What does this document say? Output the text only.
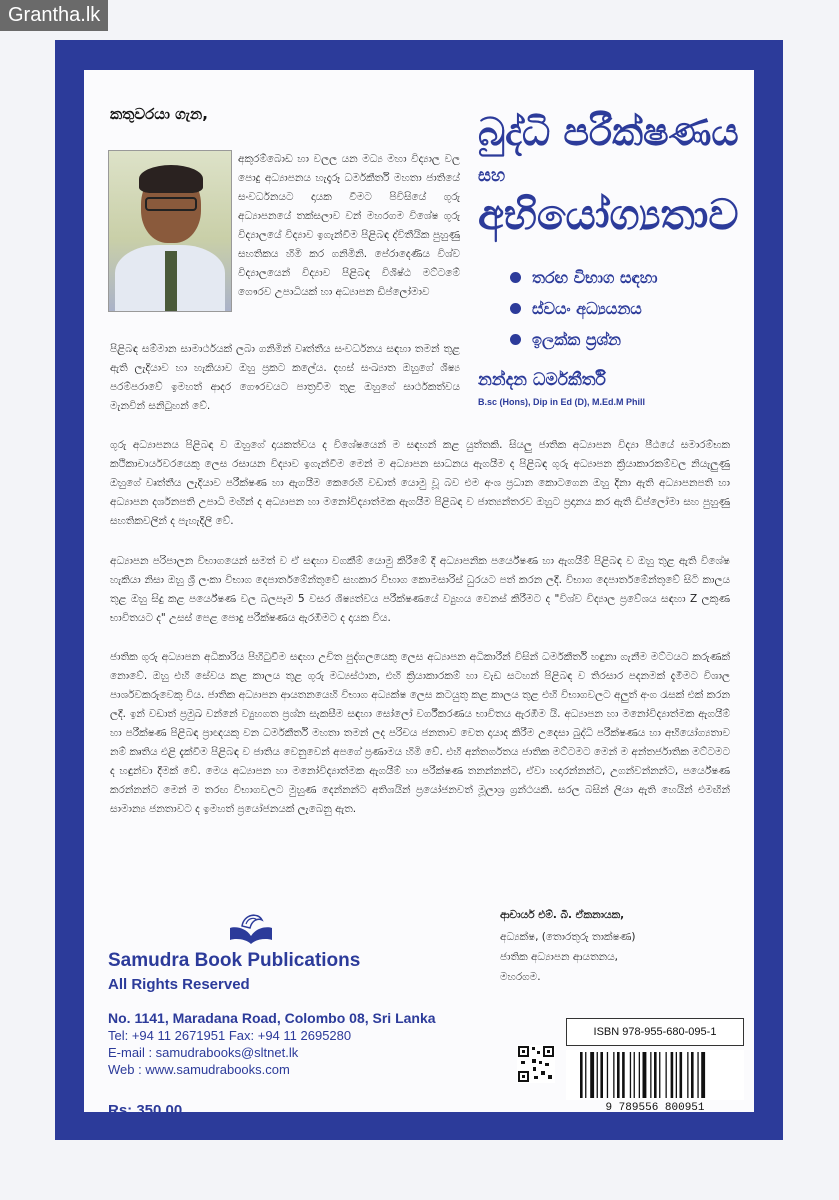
Grantha.lk
කතුවරයා ගැන,
අකුරම්බොඩ හා වලල යන මධ්‍ය මහා විද්‍යාල වල පොදු අධ්‍යාපනය හැදෑරූ ධර්මකීර්ති මහතා ජාතියේ සංවර්ධනයට දායක වීමට පිවිසියේ ගුරු අධ්‍යාපනයේ තක්සලාව වන් මහරගම විශේෂ ගුරු විද්‍යාලයේ විද්‍යාව ඉගැන්වීම පිළිබඳ ද්විතීයික පුහුණු සහතිකය හිමි කර ගනිමිනි. පේරාදෙණිය විශ්ව විද්‍යාලයෙන් විද්‍යාව පිළිබඳ විශිෂ්ඨ මට්ටමේ ගෞරව උපාධියක් හා අධ්‍යාපන ඩිප්ලෝමාව
පිළිබඳ සම්මාන සාමාර්ථයක් ලබා ගනිමින් වෘත්තීය සංවර්ධනය සඳහා තමන් තුළ ඇති ලැදියාව හා හැකියාව ඔහු ප්‍රකට කලේය. දහස් සංඛ්‍යාත ඔහුගේ ශිෂ්‍ය පරම්පරාවේ ඉමහත් ආදර ගෞරවයට පාත්‍රවීම තුළ ඔහුගේ සාර්ථකත්වය මැනවින් සනිටුහන් වේ.
බුද්ධි පරීක්ෂණය
සහ
අභියෝග්‍යතාව
තරඟ විභාග සඳහා
ස්වයං අධ්‍යයනය
ඉලක්ක ප්‍රශ්න
නන්දන ධර්මකීර්ති
B.sc (Hons), Dip in Ed (D), M.Ed.M Phill
ගුරු අධ්‍යාපනය පිළිබඳ ව ඔහුගේ දායකත්වය ද විශේෂයෙන් ම සඳහන් කළ යුත්තකි. සියලු ජාතික අධ්‍යාපන විද්‍යා පීඨයේ සමාරම්භක කථිකාචාර්යවරයෙකු ලෙස රසායන විද්‍යාව ඉගැන්වීම මෙන් ම අධ්‍යාපන සාධනය ඇගයීම ද පිළිබඳ ගුරු අධ්‍යාපන ක්‍රියාකාරකම්වල නියැලුණු ඔහුගේ වෘත්තීය ලැදියාව පරීක්ෂණ හා ඇගයීම කෙරෙහි වඩාත් යොමු වූ බව එම අංශ ප්‍රධාන කොටගෙන ඔහු දිනා ඇති අධ්‍යාපනපති හා අධ්‍යාපන දර්ශනපති උපාධි මඟින් ද අධ්‍යාපන හා මනෝවිද්‍යාත්මක ඇගයීම පිළිබඳ ව ජාත්‍යන්තරව ඔහුට ප්‍රදානය කර ඇති ඩිප්ලෝමා සහ පුහුණු සහතිකවලින් ද පැහැදිලි වේ.
අධ්‍යාපන පරිපාලන විභාගයෙන් සමත් ව ඒ සඳහා වගකීම් යොමු කිරීමේ දී අධ්‍යාපනික පර්යේෂණ හා ඇගයීම් පිළිබඳ ව ඔහු තුළ ඇති විශේෂ හැකියා නිසා ඔහු ශ්‍රී ලංකා විභාග දෙපාර්තමේන්තුවේ සහකාර විභාග කොමසාරිස් ධුරයට පත් කරන ලදී. විභාග දෙපාර්තමේන්තුවේ සිටි කාලය තුළ ඔහු සිදු කළ පර්යේෂණ වල බලපෑම 5 වසර ශිෂ්‍යත්වය පරීක්ෂණයේ ව්‍යුහය වෙනස් කිරීමට ද "විශ්ව විද්‍යාල ප්‍රවේශය සඳහා Z ලකුණ භාවිතයට ද" උසස් පෙළ පොදු පරීක්ෂණය ඇරඹීමට ද දායක විය.
ජාතික ගුරු අධ්‍යාපන අධිකාරිය පිහිටුවීම සඳහා උචිත පුද්ගලයෙකු ලෙස අධ්‍යාපන අධිකාරීන් විසින් ධර්මකීර්ති හඳුනා ගැනීම මට්ටයට කරුණක් නොවේ. ඔහු එහි සේවය කළ කාලය තුළ ගුරු මධ්‍යස්ථාන, එහි ක්‍රියාකාරකම් හා වැඩ සටහන් පිළිබඳ ව තිරසාර පදනමක් දැමීමට විශාල පාර්ශවකරුවෙකු විය. ජාතික අධ්‍යාපන ආයතනයෙහි විභාග අධ්‍යක්ෂ ලෙස කටයුතු කළ කාලය තුළ එහි විභාගවලට අලුත් අංග රැසක් එක් කරන ලදී. ඉන් වඩාත් ප්‍රමුඛ වන්නේ ව්‍යුහගත ප්‍රශ්න සැකසීම සඳහා සෝලෝ වර්ගීකරණය භාවිතය ඇරඹීම යි. අධ්‍යාපන හා මනෝවිද්‍යාත්මක ඇගයීම් හා පරීක්ෂණ පිළිබඳ ප්‍රාඥයකු වන ධර්මකීර්ති මහතා තමන් ලද පරිචය ජනතාව වෙත දායාද කිරීම උදෙසා බුද්ධි පරීක්ෂණය හා අභියෝග්‍යතාව නම් කෘතිය එළි දැක්වීම පිළිබඳ ව ජාතිය වෙනුවෙන් අපගේ ප්‍රණාමය හිමි වේ. එහි අන්තර්ගතය ජාතික මට්ටමට මෙන් ම අන්තර්ජාතික මට්ටමට ද හඳුන්වා දීමක් වේ. මෙය අධ්‍යාපන හා මනෝවිද්‍යාත්මක ඇගයීම් හා පරීක්ෂණ තනන්නන්ට, ඒවා හදාරන්නන්ට, උගන්වන්නන්ට, පර්යේෂණ කරන්නන්ට මෙන් ම තරඟ විභාගවලට මුහුණ දෙන්නන්ට අතිශයින් ප්‍රයෝජනවත් මූලාශ්‍ර ග්‍රන්ථයකි. සරල බසින් ලියා ඇති හෙයින් එමඟින් සාමාන්‍ය ජනතාවට ද ඉමහත් ප්‍රයෝජනයක් ලැබෙනු ඇත.
ආචාර්ය එම්. බී. ඒකනායක,
අධ්‍යක්ෂ, (තොරතුරු තාක්ෂණ)
ජාතික අධ්‍යාපන ආයතනය,
මහරගම.
Samudra Book Publications
All Rights Reserved
No. 1141, Maradana Road, Colombo 08, Sri Lanka
Tel: +94 11 2671951 Fax: +94 11 2695280
E-mail : samudrabooks@sltnet.lk
Web : www.samudrabooks.com
Rs: 350.00
ISBN 978-955-680-095-1
9 789556 800951
